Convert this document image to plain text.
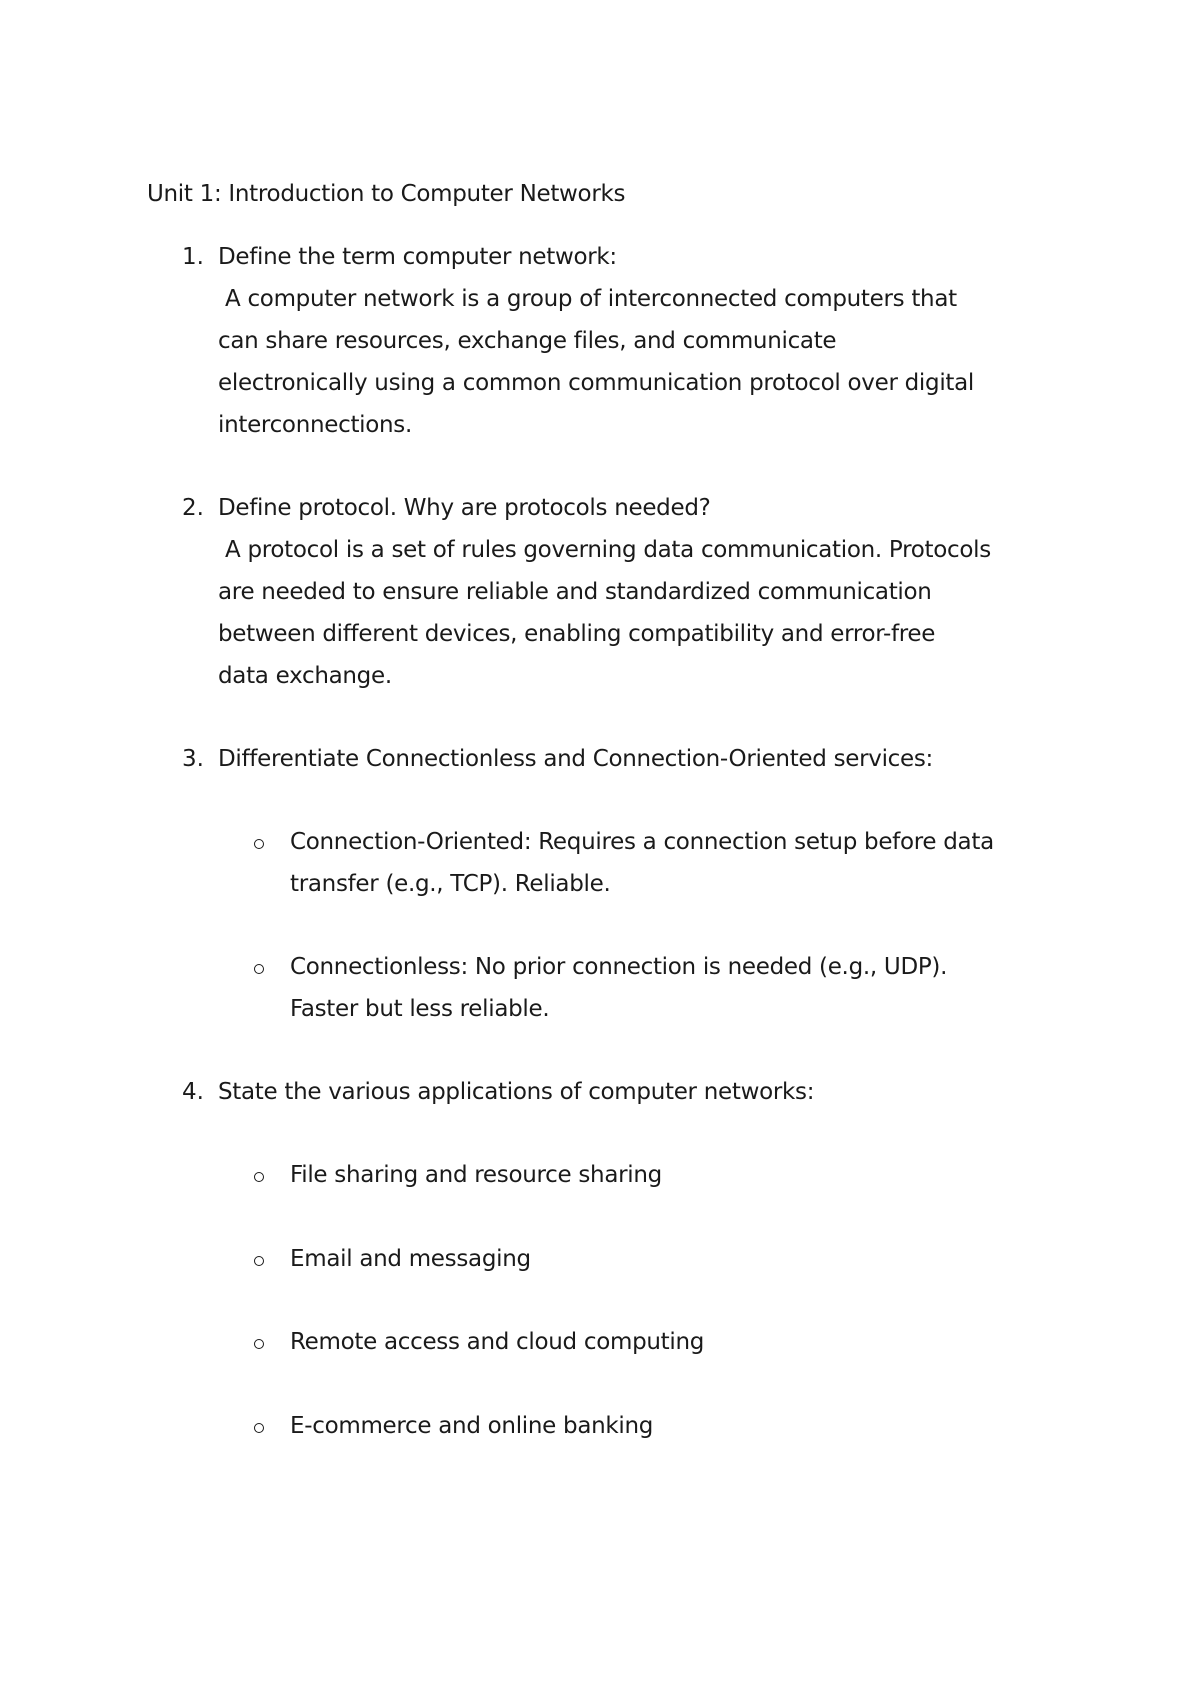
Unit 1: Introduction to Computer Networks
1. Define the term computer network:
A computer network is a group of interconnected computers that
can share resources, exchange files, and communicate
electronically using a common communication protocol over digital
interconnections.
2. Define protocol. Why are protocols needed?
A protocol is a set of rules governing data communication. Protocols
are needed to ensure reliable and standardized communication
between different devices, enabling compatibility and error-free
data exchange.
3. Differentiate Connectionless and Connection-Oriented services:
Connection-Oriented: Requires a connection setup before data
transfer (e.g., TCP). Reliable.
Connectionless: No prior connection is needed (e.g., UDP).
Faster but less reliable.
4. State the various applications of computer networks:
File sharing and resource sharing
Email and messaging
Remote access and cloud computing
E-commerce and online banking
